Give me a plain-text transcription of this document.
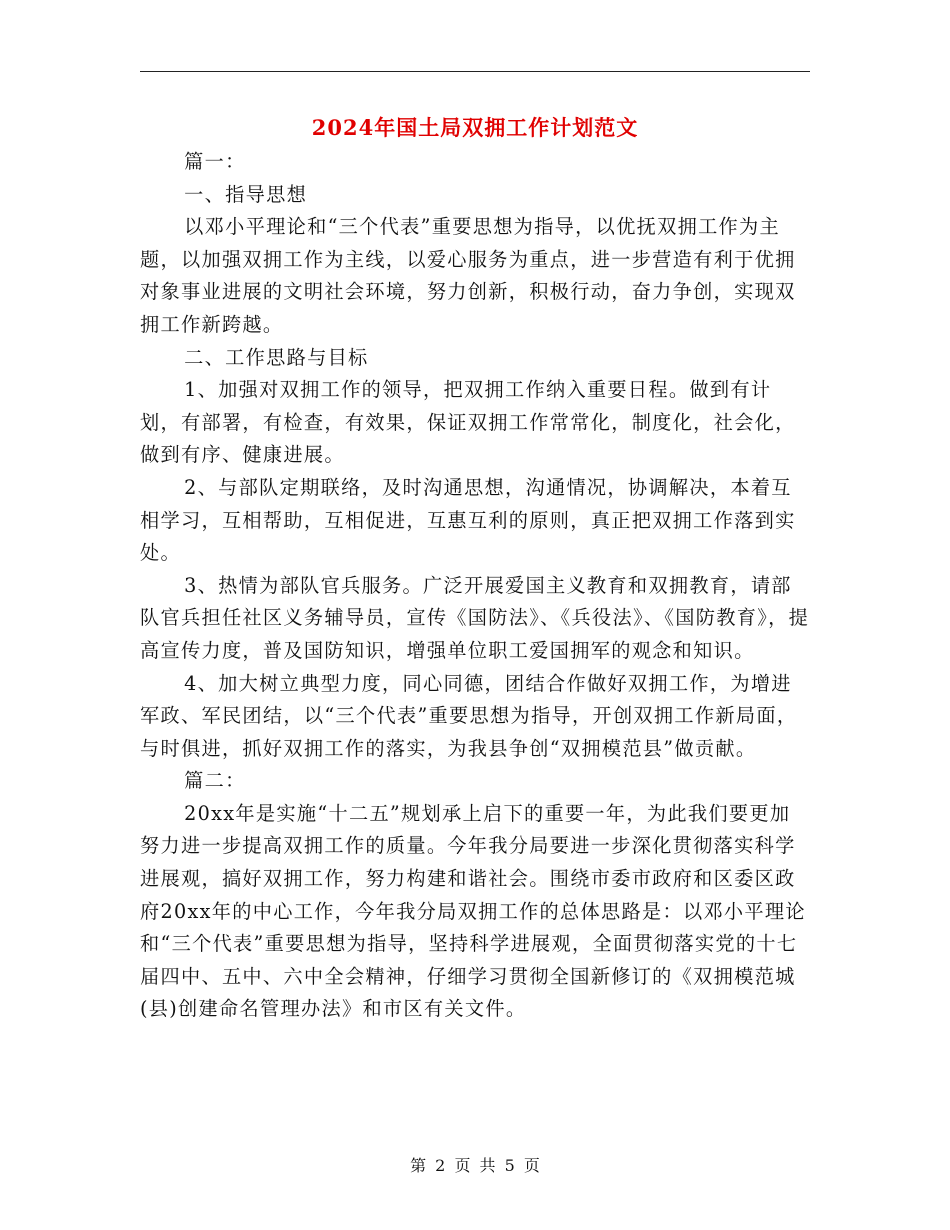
2024年国土局双拥工作计划范文

篇一：

一、指导思想

以邓小平理论和“三个代表”重要思想为指导，以优抚双拥工作为主题，以加强双拥工作为主线，以爱心服务为重点，进一步营造有利于优拥对象事业进展的文明社会环境，努力创新，积极行动，奋力争创，实现双拥工作新跨越。

二、工作思路与目标

1、加强对双拥工作的领导，把双拥工作纳入重要日程。做到有计划，有部署，有检查，有效果，保证双拥工作常常化，制度化，社会化，做到有序、健康进展。

2、与部队定期联络，及时沟通思想，沟通情况，协调解决，本着互相学习，互相帮助，互相促进，互惠互利的原则，真正把双拥工作落到实处。

3、热情为部队官兵服务。广泛开展爱国主义教育和双拥教育，请部队官兵担任社区义务辅导员，宣传《国防法》、《兵役法》、《国防教育》，提高宣传力度，普及国防知识，增强单位职工爱国拥军的观念和知识。

4、加大树立典型力度，同心同德，团结合作做好双拥工作，为增进军政、军民团结，以“三个代表”重要思想为指导，开创双拥工作新局面，与时俱进，抓好双拥工作的落实，为我县争创“双拥模范县”做贡献。

篇二：

20xx年是实施“十二五”规划承上启下的重要一年，为此我们要更加努力进一步提高双拥工作的质量。今年我分局要进一步深化贯彻落实科学进展观，搞好双拥工作，努力构建和谐社会。围绕市委市政府和区委区政府20xx年的中心工作，今年我分局双拥工作的总体思路是：以邓小平理论和“三个代表”重要思想为指导，坚持科学进展观，全面贯彻落实党的十七届四中、五中、六中全会精神，仔细学习贯彻全国新修订的《双拥模范城(县)创建命名管理办法》和市区有关文件。

第 2 页 共 5 页
